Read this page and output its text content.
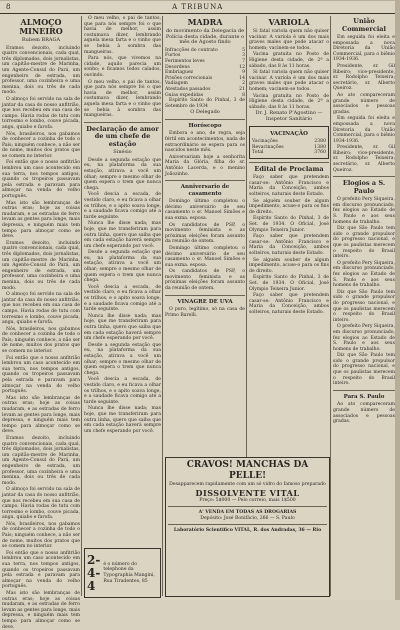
8	A TRIBUNA
ALMOÇO MINEIRO
Rubem BRAGA
Eramos dezoito, incluindo quatro convencionais, cada qual, três diplomados, dois jornalistas, um capitão-mestre de Marinha, um Agente-Consul do Pará, um engenheiro de estrada, um professor, uma cozinheira e uma menina, dois ou três de cada modo.
O almoço foi servido na sala de jantar da casa do nosso anfitrião, que nos recebeu em sua casa de campo. Havia rodas de tutu com torresmo e lombo, couve picada, angu, quiabo e farofa.
Nós, brasileiros, nos gabamos de conhecer a cozinha de todo o País; ninguém conhece, a não ser de nome, muitos dos pratos que se comem no interior.
Foi então que o nosso anfitrião lembrou um caso acontecido em sua terra, nos tempos antigos, quando os tropeiros passavam pela estrada e paravam para almoçar na venda do velho português.
Mas isto são lembranças de outras eras; hoje as coisas mudaram, e as estradas de ferro levam as gentes para longe, mais depressa, e ninguém mais tem tempo para almoçar como se deve.
Eramos dezoito, incluindo quatro convencionais, cada qual, três diplomados, dois jornalistas, um capitão-mestre de Marinha, um Agente-Consul do Pará, um engenheiro de estrada, um professor, uma cozinheira e uma menina, dois ou três de cada modo.
O almoço foi servido na sala de jantar da casa do nosso anfitrião, que nos recebeu em sua casa de campo. Havia rodas de tutu com torresmo e lombo, couve picada, angu, quiabo e farofa.
Nós, brasileiros, nos gabamos de conhecer a cozinha de todo o País; ninguém conhece, a não ser de nome, muitos dos pratos que se comem no interior.
Foi então que o nosso anfitrião lembrou um caso acontecido em sua terra, nos tempos antigos, quando os tropeiros passavam pela estrada e paravam para almoçar na venda do velho português.
Mas isto são lembranças de outras eras; hoje as coisas mudaram, e as estradas de ferro levam as gentes para longe, mais depressa, e ninguém mais tem tempo para almoçar como se deve.
Eramos dezoito, incluindo quatro convencionais, cada qual, três diplomados, dois jornalistas, um capitão-mestre de Marinha, um Agente-Consul do Pará, um engenheiro de estrada, um professor, uma cozinheira e uma menina, dois ou três de cada modo.
O almoço foi servido na sala de jantar da casa do nosso anfitrião, que nos recebeu em sua casa de campo. Havia rodas de tutu com torresmo e lombo, couve picada, angu, quiabo e farofa.
Nós, brasileiros, nos gabamos de conhecer a cozinha de todo o País; ninguém conhece, a não ser de nome, muitos dos pratos que se comem no interior.
Foi então que o nosso anfitrião lembrou um caso acontecido em sua terra, nos tempos antigos, quando os tropeiros passavam pela estrada e paravam para almoçar na venda do velho português.
Mas isto são lembranças de outras eras; hoje as coisas mudaram, e as estradas de ferro levam as gentes para longe, mais depressa, e ninguém mais tem tempo para almoçar como se deve.
O meu velho, o pai de tantos, que para nós sempre foi o que havia de melhor, assim costumava dizer, lembrando aquela mesa farta e o vinho que se bebia à sombra das mangueiras.
Para nós, que vivemos na cidade, aquilo parecia um sonho; e ficamos todos calados, ouvindo.
O meu velho, o pai de tantos, que para nós sempre foi o que havia de melhor, assim costumava dizer, lembrando aquela mesa farta e o vinho que se bebia à sombra das mangueiras.
Declaração de amor de um chefe de estação
Sinésio
Desde a segunda estação que eu, na plataforma da sua estação, atirava a você um olhar; sempre o mesmo olhar de quem espera o trem que nunca chega.
Você descia a escada, de vestido claro, e eu ficava a olhar os trilhos, e o apito soava longe, e a saudade ficava comigo até a tarde seguinte.
Nunca lhe disse nada; mas hoje, que me transferiram para outra linha, quero que saiba que em cada estação haverá sempre um chefe esperando por você.
Desde a segunda estação que eu, na plataforma da sua estação, atirava a você um olhar; sempre o mesmo olhar de quem espera o trem que nunca chega.
Você descia a escada, de vestido claro, e eu ficava a olhar os trilhos, e o apito soava longe, e a saudade ficava comigo até a tarde seguinte.
Nunca lhe disse nada; mas hoje, que me transferiram para outra linha, quero que saiba que em cada estação haverá sempre um chefe esperando por você.
Desde a segunda estação que eu, na plataforma da sua estação, atirava a você um olhar; sempre o mesmo olhar de quem espera o trem que nunca chega.
Você descia a escada, de vestido claro, e eu ficava a olhar os trilhos, e o apito soava longe, e a saudade ficava comigo até a tarde seguinte.
Nunca lhe disse nada; mas hoje, que me transferiram para outra linha, quero que saiba que em cada estação haverá sempre um chefe esperando por você.
2-4-4
é o número do telephone da Typographia Mangini, Rua Tiradentes, 85
MADRA
do movimento da Delegacia de Polícia desta cidade, durante o mês de Agosto findo
Infracções do contrato	5
Furtos	3
Ferimentos leves	7
Desordens	12
Embriaguez	9
Prisões correcionais	14
Vadiagem	2
Atestados passados	21
Guias expedidas	8
Espírito Santo do Pinhal, 3 de Setembro de 1934
O Delegado
Horóscopo
Embora o ano, de regra, seja fértil em acontecimentos, nada de extraordinário se espera para os nascidos neste mês.
Aniversariam hoje a senhorita Maria da Glória, filha do sr. Antônio Lacerda, e o menino Joãozinho.
Anniversario de casamento
Domingo último completou o décimo aniversário de seu casamento o sr. Manoel Simões e sua exma. esposa.
Os candidatos de PSP, o movimento feminista e as próximas eleições foram assunto da reunião de ontem.
Domingo último completou o décimo aniversário de seu casamento o sr. Manoel Simões e sua exma. esposa.
Os candidatos de PSP, o movimento feminista e as próximas eleições foram assunto da reunião de ontem.
VINAGRE DE UVA
O puro, legítimo, só na casa de Primo Barelli.
VARIOLA
Si fatal variola quem não quiser vacinar. A varíola é um dos mais graves males que pode atacar o homem; vacinem-se todos.
Vacina gratuita no Posto de Higiene desta cidade, de 2ª a sábado, das 8 às 11 horas.
Si fatal variola quem não quiser vacinar. A varíola é um dos mais graves males que pode atacar o homem; vacinem-se todos.
Vacina gratuita no Posto de Higiene desta cidade, de 2ª a sábado, das 8 às 11 horas.
Dr. J. Renato P'Agostino — Inspetor Sanitário
VACINAÇÃO
Vacinações	2380
Revacinações	1380
Total	3760
Edital de Proclama
Faço saber que pretendem casar-se: Antônio Francisco e Maria da Conceição, ambos solteiros, naturais deste Estado.
Se alguém souber de algum impedimento, acuse-o para os fins de direito.
Espírito Santo do Pinhal, 3 de Set. de 1934. O Oficial, José Olympio Teixeira Junior.
Faço saber que pretendem casar-se: Antônio Francisco e Maria da Conceição, ambos solteiros, naturais deste Estado.
Se alguém souber de algum impedimento, acuse-o para os fins de direito.
Espírito Santo do Pinhal, 3 de Set. de 1934. O Oficial, José Olympio Teixeira Junior.
Faço saber que pretendem casar-se: Antônio Francisco e Maria da Conceição, ambos solteiros, naturais deste Estado.
União Commercial
Em seguida foi eleita e empossada a nova Diretoria da União Commercial, para o biênio 1934-1936.
Presidente, sr. Gil Ribeiro; vice-presidente, sr. Rodolpho Teixeira; secretário, sr. Alberto Queiroz.
Ao ato compareceram grande número de associados e pessoas gradas.
Em seguida foi eleita e empossada a nova Diretoria da União Commercial, para o biênio 1934-1936.
Presidente, sr. Gil Ribeiro; vice-presidente, sr. Rodolpho Teixeira; secretário, sr. Alberto Queiroz.
Elogios a S. Paulo
O prefeito Pery Siqueira, em discurso pronunciado, fez elogios ao Estado de S. Paulo e aos seus homens de trabalho.
Diz que São Paulo tem sido o grande propulsor do progresso nacional, e que os paulistas merecem o respeito do Brasil inteiro.
O prefeito Pery Siqueira, em discurso pronunciado, fez elogios ao Estado de S. Paulo e aos seus homens de trabalho.
Diz que São Paulo tem sido o grande propulsor do progresso nacional, e que os paulistas merecem o respeito do Brasil inteiro.
O prefeito Pery Siqueira, em discurso pronunciado, fez elogios ao Estado de S. Paulo e aos seus homens de trabalho.
Diz que São Paulo tem sido o grande propulsor do progresso nacional, e que os paulistas merecem o respeito do Brasil inteiro.
Para S. Paulo
Ao ato compareceram grande número de associados e pessoas gradas.
CRAVOS! MANCHAS DA PELLE!
Desapparecem rapidamente com um só vidro do famoso preparado
DISSOLVENTE VITAL
Preço: 5$000 — Pelo correio, mais 1$500
A' VENDA EM TODAS AS DROGARIAS
Depósito: José Bonifácio, 266 — S. Paulo
Laboratório Scientifico VITAL, R. dos Andradas, 36 — Rio
